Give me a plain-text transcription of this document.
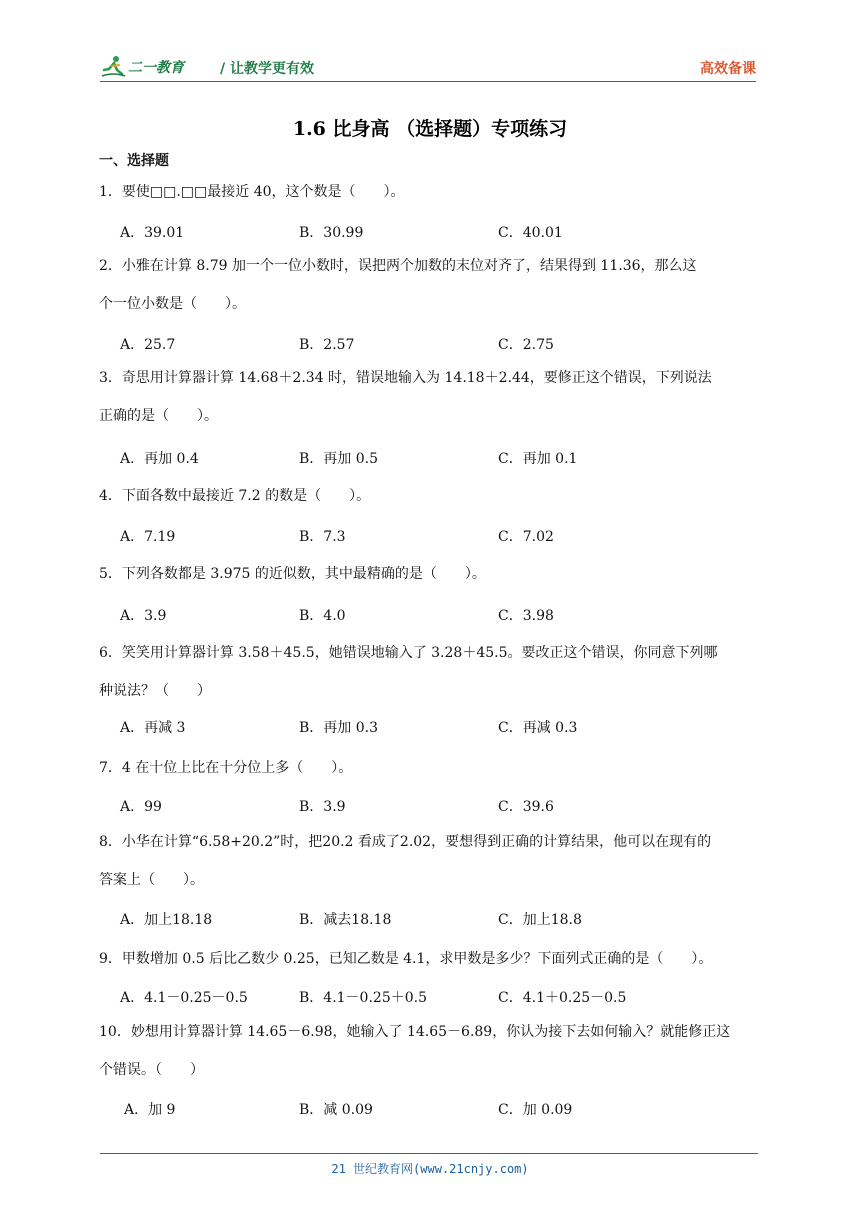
二一教育	/ 让教学更有效	高效备课
1.6 比身高 （选择题）专项练习
一、选择题
1．要使□□.□□最接近 40，这个数是（　　）。
A．39.01	B．30.99	C．40.01
2．小雅在计算 8.79 加一个一位小数时，误把两个加数的末位对齐了，结果得到 11.36，那么这
个一位小数是（　　）。
A．25.7	B．2.57	C．2.75
3．奇思用计算器计算 14.68＋2.34 时，错误地输入为 14.18＋2.44，要修正这个错误，下列说法
正确的是（　　）。
A．再加 0.4	B．再加 0.5	C．再加 0.1
4．下面各数中最接近 7.2 的数是（　　）。
A．7.19	B．7.3	C．7.02
5．下列各数都是 3.975 的近似数，其中最精确的是（　　）。
A．3.9	B．4.0	C．3.98
6．笑笑用计算器计算 3.58＋45.5，她错误地输入了 3.28＋45.5。要改正这个错误，你同意下列哪
种说法？（　　）
A．再减 3	B．再加 0.3	C．再减 0.3
7．4 在十位上比在十分位上多（　　）。
A．99	B．3.9	C．39.6
8．小华在计算“6.58+20.2”时，把20.2 看成了2.02，要想得到正确的计算结果，他可以在现有的
答案上（　　）。
A．加上18.18	B．减去18.18	C．加上18.8
9．甲数增加 0.5 后比乙数少 0.25，已知乙数是 4.1，求甲数是多少？下面列式正确的是（　　）。
A．4.1－0.25－0.5	B．4.1－0.25＋0.5	C．4.1＋0.25－0.5
10．妙想用计算器计算 14.65－6.98，她输入了 14.65－6.89，你认为接下去如何输入？就能修正这
个错误。（　　）
A．加 9	B．减 0.09	C．加 0.09
21 世纪教育网(www.21cnjy.com)
